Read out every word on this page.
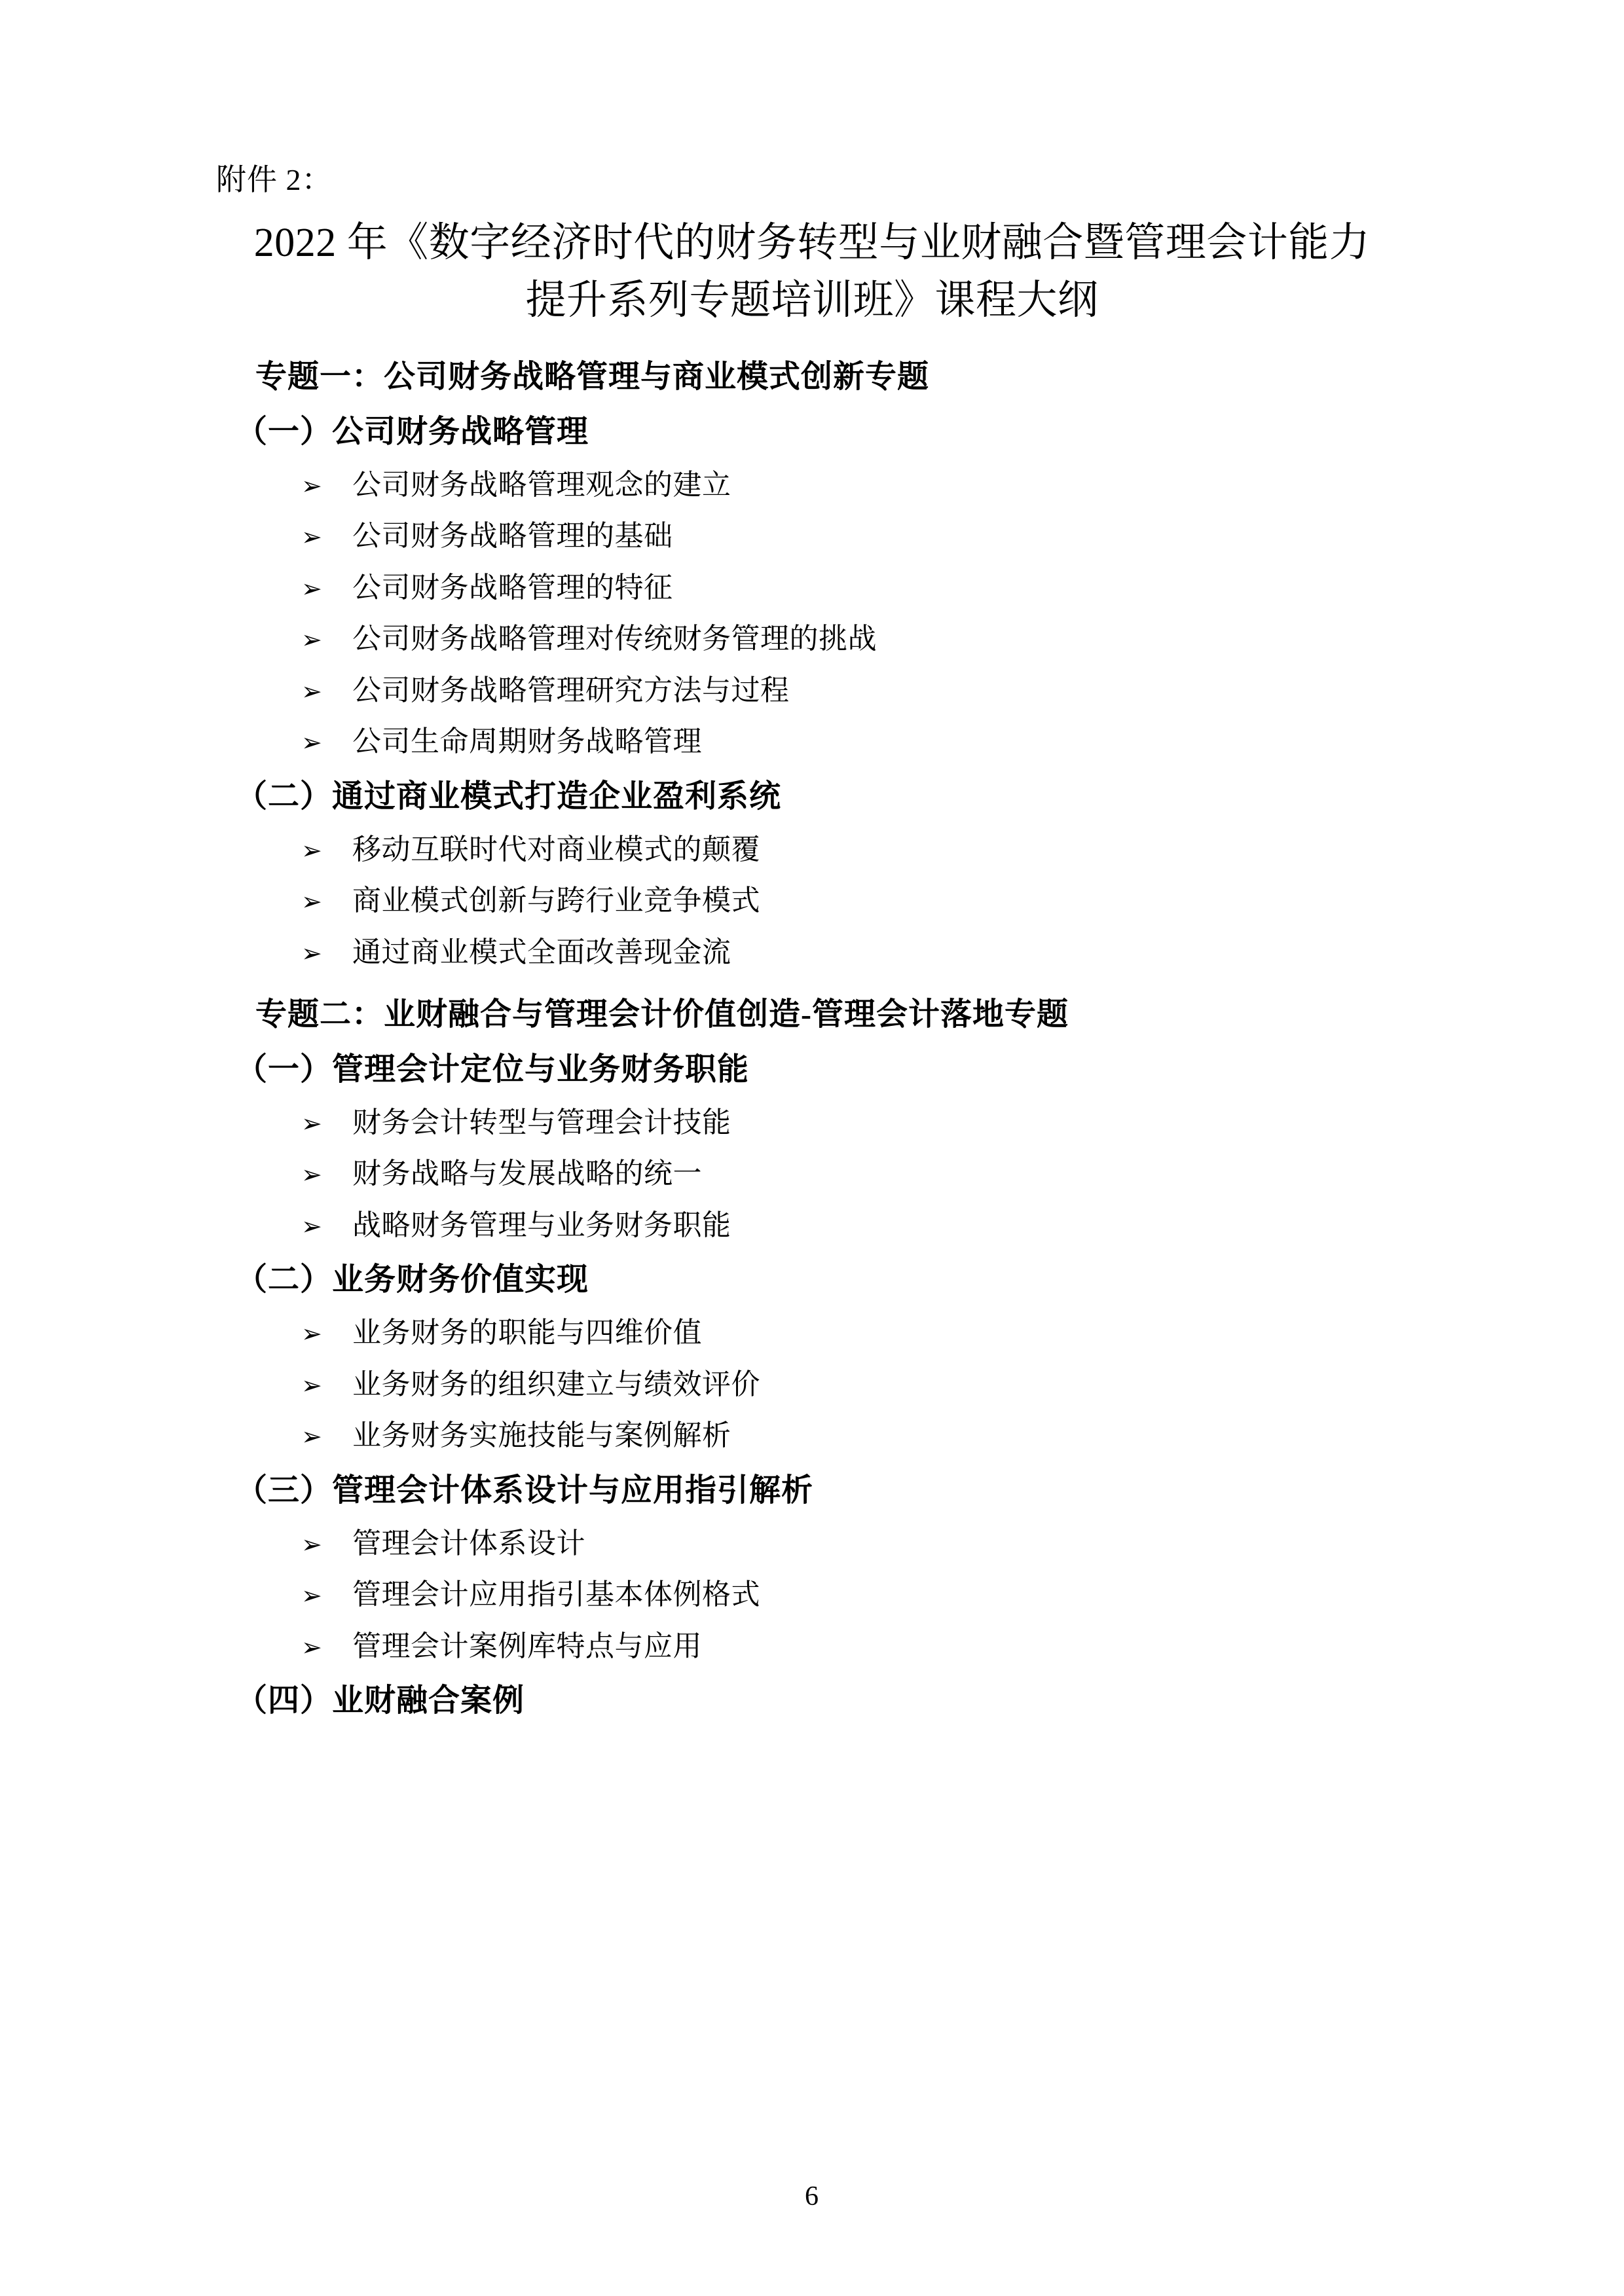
附件 2：
2022 年《数字经济时代的财务转型与业财融合暨管理会计能力
提升系列专题培训班》课程大纲
专题一：公司财务战略管理与商业模式创新专题
（一）公司财务战略管理
➢	公司财务战略管理观念的建立
➢	公司财务战略管理的基础
➢	公司财务战略管理的特征
➢	公司财务战略管理对传统财务管理的挑战
➢	公司财务战略管理研究方法与过程
➢	公司生命周期财务战略管理
（二）通过商业模式打造企业盈利系统
➢	移动互联时代对商业模式的颠覆
➢	商业模式创新与跨行业竞争模式
➢	通过商业模式全面改善现金流
专题二：业财融合与管理会计价值创造-管理会计落地专题
（一）管理会计定位与业务财务职能
➢	财务会计转型与管理会计技能
➢	财务战略与发展战略的统一
➢	战略财务管理与业务财务职能
（二）业务财务价值实现
➢	业务财务的职能与四维价值
➢	业务财务的组织建立与绩效评价
➢	业务财务实施技能与案例解析
（三）管理会计体系设计与应用指引解析
➢	管理会计体系设计
➢	管理会计应用指引基本体例格式
➢	管理会计案例库特点与应用
（四）业财融合案例
6
